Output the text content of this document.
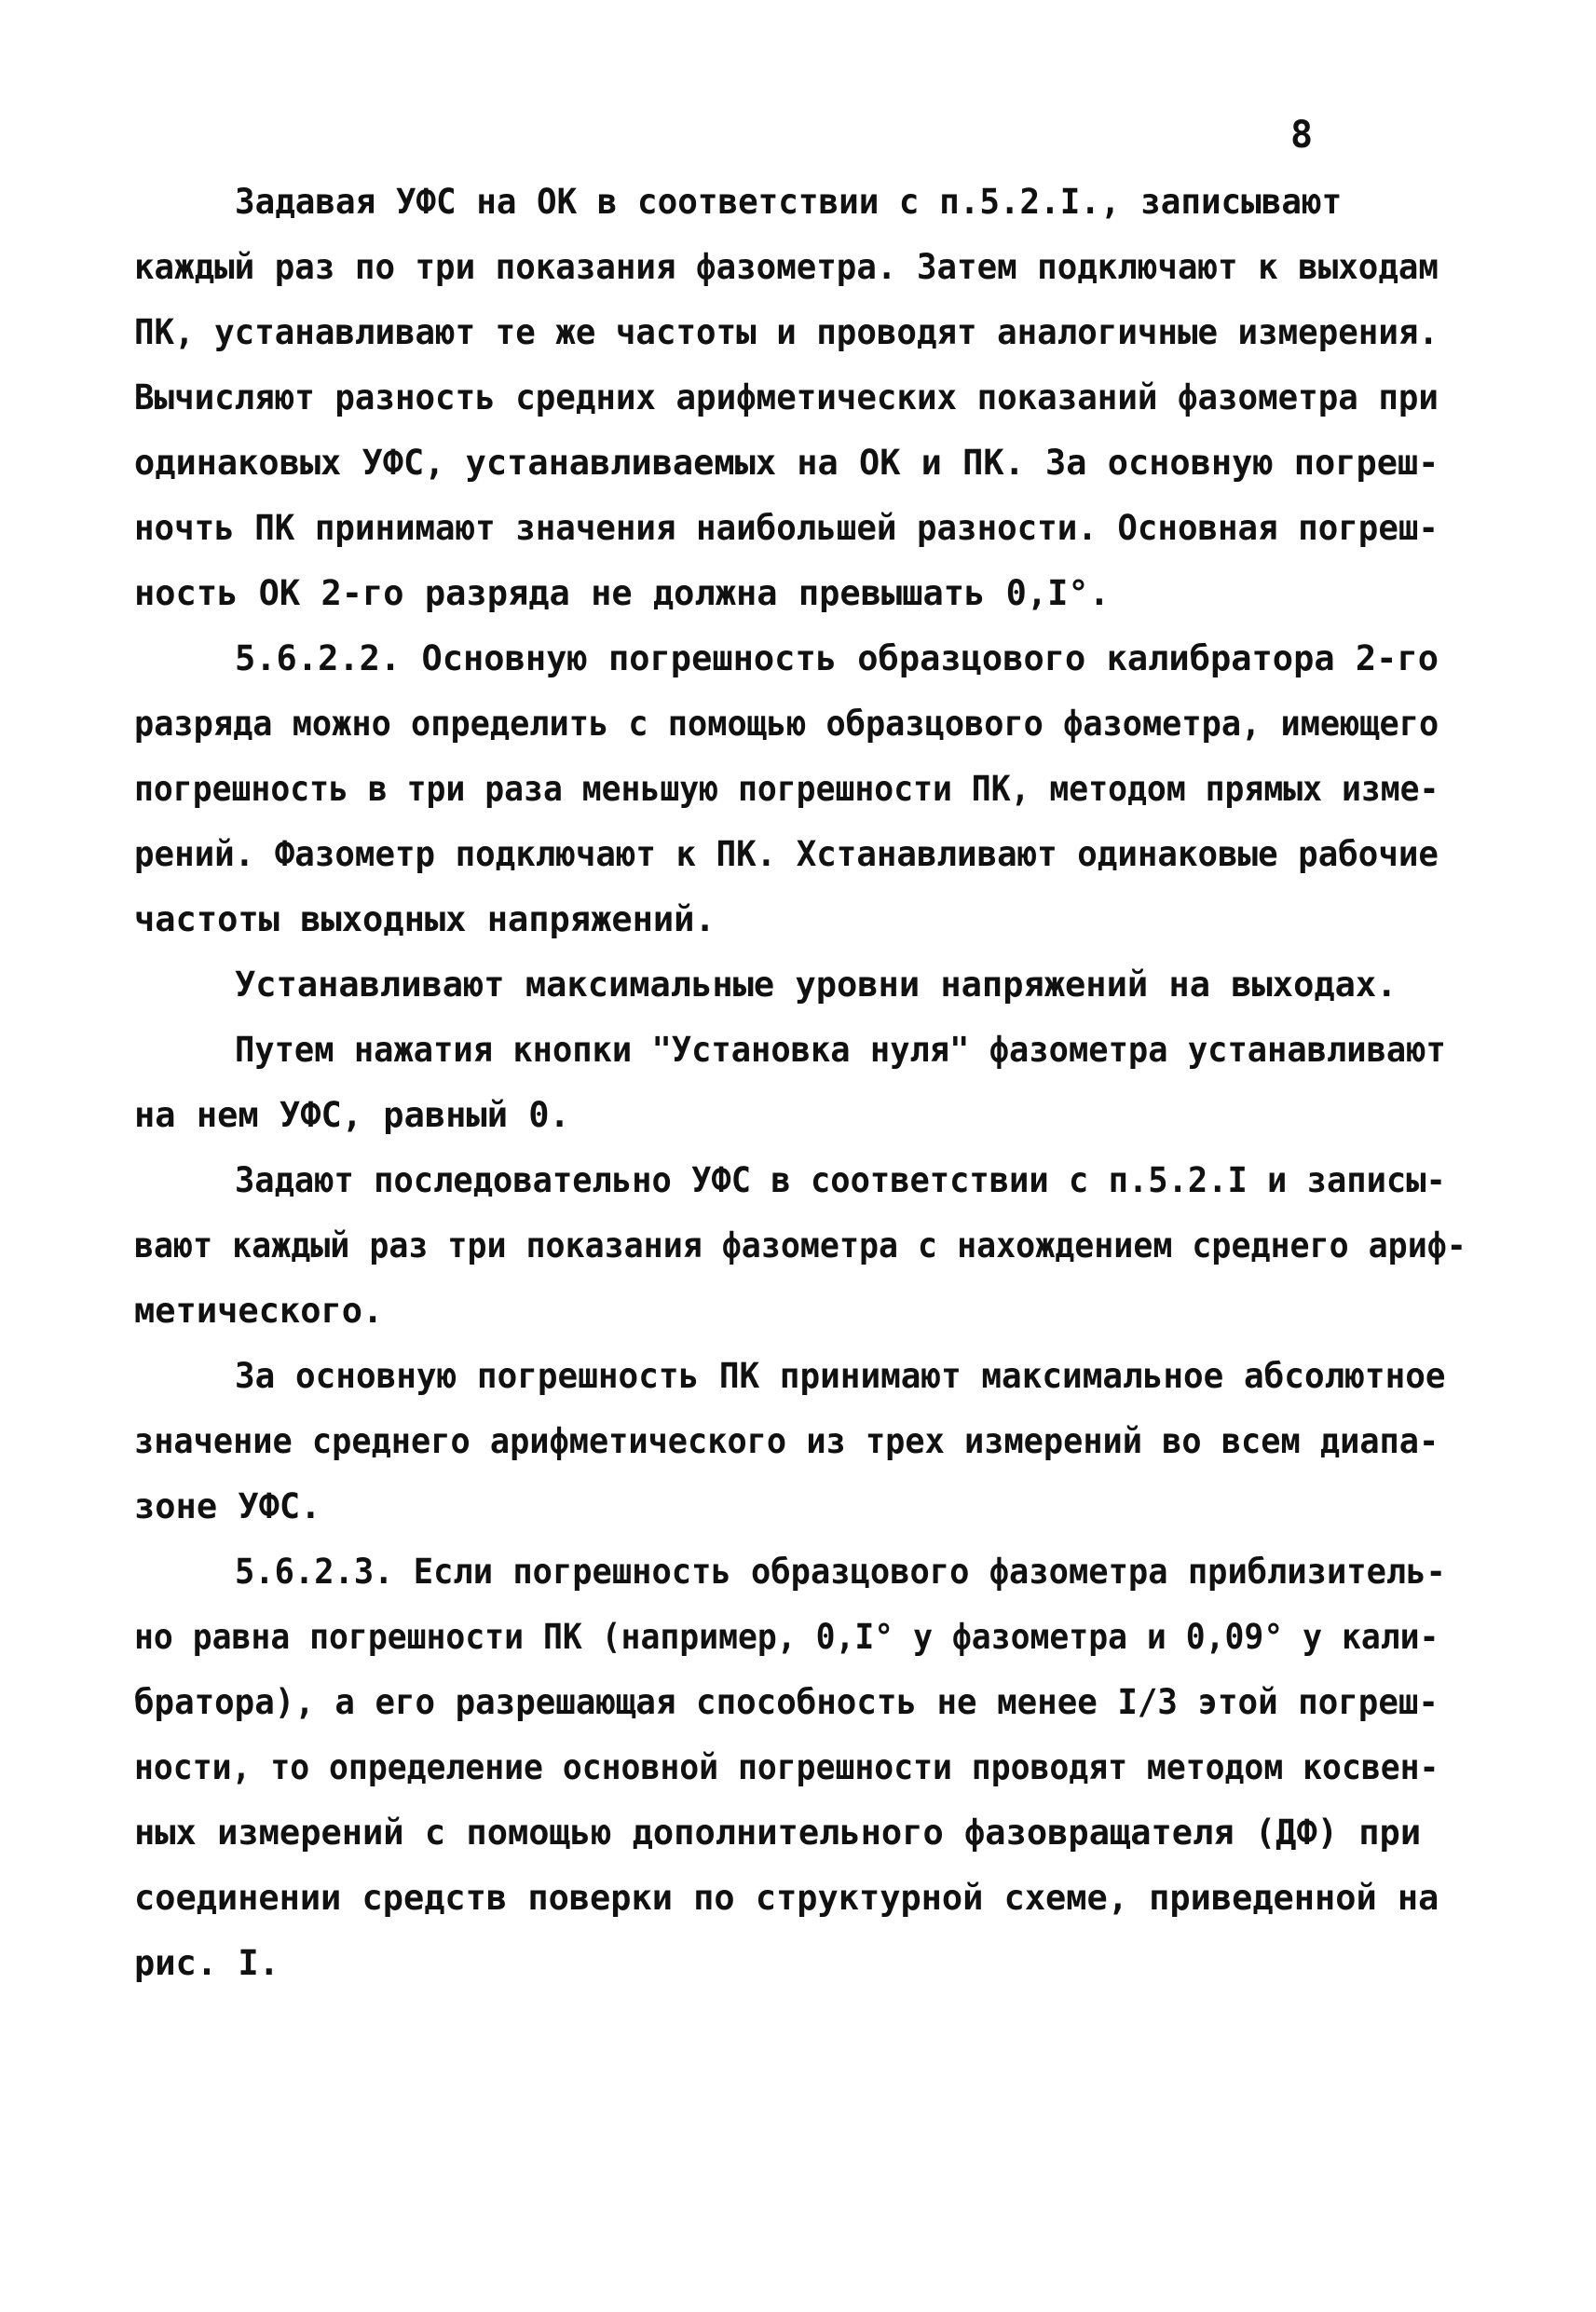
8
Задавая УФС на ОК в соответствии с п.5.2.I., записывают
каждый раз по три показания фазометра. Затем подключают к выходам
ПК, устанавливают те же частоты и проводят аналогичные измерения.
Вычисляют разность средних арифметических показаний фазометра при
одинаковых УФС, устанавливаемых на ОК и ПК. За основную погреш-
ночть ПК принимают значения наибольшей разности. Основная погреш-
ность ОК 2-го разряда не должна превышать 0,I°.
5.6.2.2. Основную погрешность образцового калибратора 2-го
разряда можно определить с помощью образцового фазометра, имеющего
погрешность в три раза меньшую погрешности ПК, методом прямых изме-
рений. Фазометр подключают к ПК. Хстанавливают одинаковые рабочие
частоты выходных напряжений.
Устанавливают максимальные уровни напряжений на выходах.
Путем нажатия кнопки "Установка нуля" фазометра устанавливают
на нем УФС, равный 0.
Задают последовательно УФС в соответствии с п.5.2.I и записы-
вают каждый раз три показания фазометра с нахождением среднего ариф-
метического.
За основную погрешность ПК принимают максимальное абсолютное
значение среднего арифметического из трех измерений во всем диапа-
зоне УФС.
5.6.2.3. Если погрешность образцового фазометра приблизитель-
но равна погрешности ПК (например, 0,I° у фазометра и 0,09° у кали-
братора), а его разрешающая способность не менее I/3 этой погреш-
ности, то определение основной погрешности проводят методом косвен-
ных измерений с помощью дополнительного фазовращателя (ДФ) при
соединении средств поверки по структурной схеме, приведенной на
рис. I.
